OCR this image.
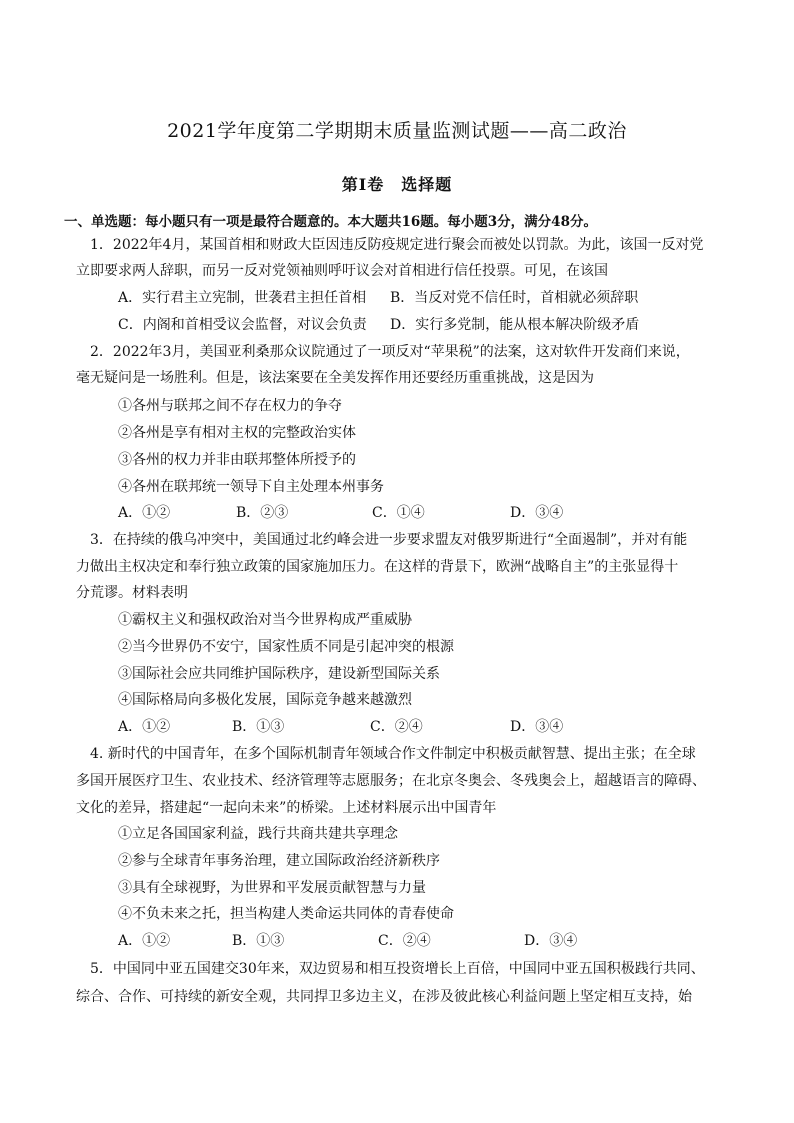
2021学年度第二学期期末质量监测试题——高二政治
第Ⅰ卷　选择题
一、单选题：每小题只有一项是最符合题意的。本大题共16题。每小题3分，满分48分。
1．2022年4月，某国首相和财政大臣因违反防疫规定进行聚会而被处以罚款。为此，该国一反对党
立即要求两人辞职，而另一反对党领袖则呼吁议会对首相进行信任投票。可见，在该国
A．实行君主立宪制，世袭君主担任首相 B．当反对党不信任时，首相就必须辞职
C．内阁和首相受议会监督，对议会负责 D．实行多党制，能从根本解决阶级矛盾
2．2022年3月，美国亚利桑那众议院通过了一项反对“苹果税”的法案，这对软件开发商们来说，
毫无疑问是一场胜利。但是，该法案要在全美发挥作用还要经历重重挑战，这是因为
①各州与联邦之间不存在权力的争夺
②各州是享有相对主权的完整政治实体
③各州的权力并非由联邦整体所授予的
④各州在联邦统一领导下自主处理本州事务
A．①②	B．②③	C．①④	D．③④
3．在持续的俄乌冲突中，美国通过北约峰会进一步要求盟友对俄罗斯进行“全面遏制”，并对有能
力做出主权决定和奉行独立政策的国家施加压力。在这样的背景下，欧洲“战略自主”的主张显得十
分荒谬。材料表明
①霸权主义和强权政治对当今世界构成严重威胁
②当今世界仍不安宁，国家性质不同是引起冲突的根源
③国际社会应共同维护国际秩序，建设新型国际关系
④国际格局向多极化发展，国际竞争越来越激烈
A．①②	B．①③	C．②④	D．③④
4. 新时代的中国青年，在多个国际机制青年领域合作文件制定中积极贡献智慧、提出主张；在全球
多国开展医疗卫生、农业技术、经济管理等志愿服务；在北京冬奥会、冬残奥会上，超越语言的障碍、
文化的差异，搭建起“一起向未来”的桥梁。上述材料展示出中国青年
①立足各国国家利益，践行共商共建共享理念
②参与全球青年事务治理，建立国际政治经济新秩序
③具有全球视野，为世界和平发展贡献智慧与力量
④不负未来之托，担当构建人类命运共同体的青春使命
A．①②	B．①③	C．②④	D．③④
5．中国同中亚五国建交30年来，双边贸易和相互投资增长上百倍，中国同中亚五国积极践行共同、
综合、合作、可持续的新安全观，共同捍卫多边主义，在涉及彼此核心利益问题上坚定相互支持，始
